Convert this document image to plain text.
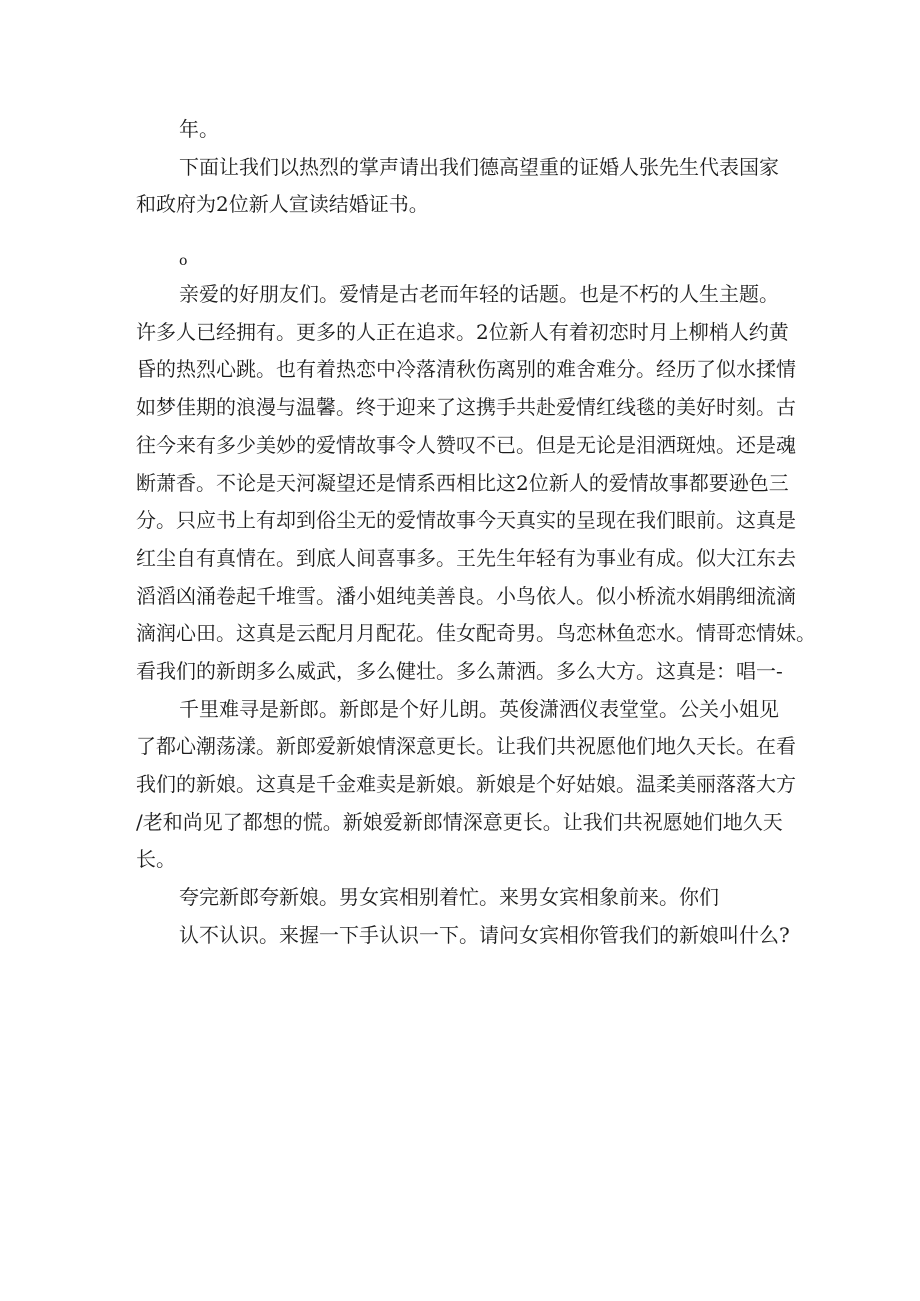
年。
下面让我们以热烈的掌声请出我们德高望重的证婚人张先生代表国家
和政府为2位新人宣读结婚证书。
o
亲爱的好朋友们。爱情是古老而年轻的话题。也是不朽的人生主题。
许多人已经拥有。更多的人正在追求。2位新人有着初恋时月上柳梢人约黄
昏的热烈心跳。也有着热恋中冷落清秋伤离别的难舍难分。经历了似水揉情
如梦佳期的浪漫与温馨。终于迎来了这携手共赴爱情红线毯的美好时刻。古
往今来有多少美妙的爱情故事令人赞叹不已。但是无论是泪洒斑烛。还是魂
断萧香。不论是天河凝望还是情系西相比这2位新人的爱情故事都要逊色三
分。只应书上有却到俗尘无的爱情故事今天真实的呈现在我们眼前。这真是
红尘自有真情在。到底人间喜事多。王先生年轻有为事业有成。似大江东去
滔滔凶涌卷起千堆雪。潘小姐纯美善良。小鸟依人。似小桥流水娟鹃细流滴
滴润心田。这真是云配月月配花。佳女配奇男。鸟恋林鱼恋水。情哥恋情妹。
看我们的新朗多么威武，多么健壮。多么萧洒。多么大方。这真是：唱一-
千里难寻是新郎。新郎是个好儿朗。英俊潇洒仪表堂堂。公关小姐见
了都心潮荡漾。新郎爱新娘情深意更长。让我们共祝愿他们地久天长。在看
我们的新娘。这真是千金难卖是新娘。新娘是个好姑娘。温柔美丽落落大方
/老和尚见了都想的慌。新娘爱新郎情深意更长。让我们共祝愿她们地久天
长。
夸完新郎夸新娘。男女宾相别着忙。来男女宾相象前来。你们
认不认识。来握一下手认识一下。请问女宾相你管我们的新娘叫什么?
